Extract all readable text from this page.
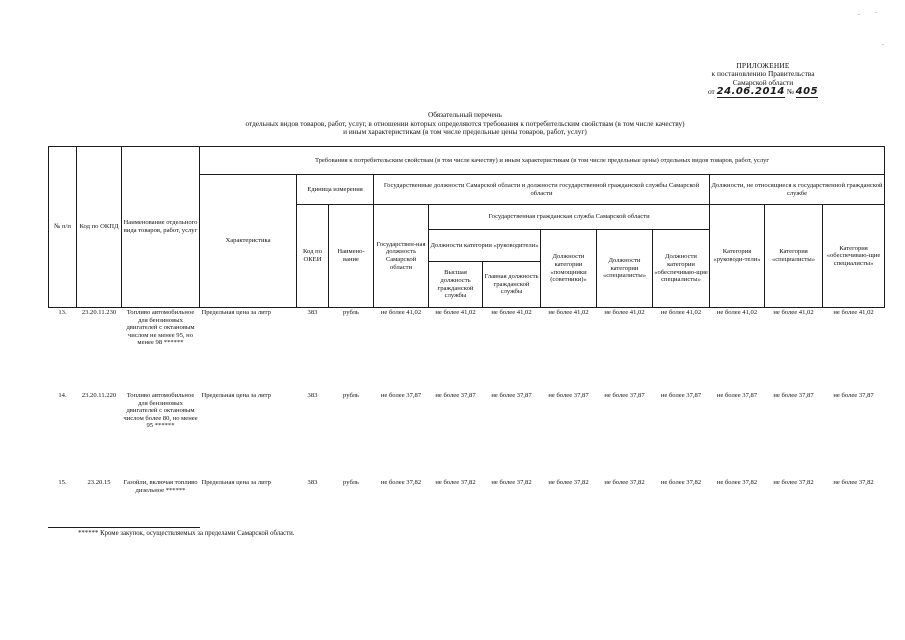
ПРИЛОЖЕНИЕ
к постановлению Правительства
Самарской области
от 24.06.2014 № 405
Обязательный перечень
отдельных видов товаров, работ, услуг, в отношении которых определяются требования к потребительским свойствам (в том числе качеству)
и иным характеристикам (в том числе предельные цены товаров, работ, услуг)
№ п/п	Код по ОКПД	Наименование отдельного вида товаров, работ, услуг	Требования к потребительским свойствам (в том числе качеству) и иным характеристикам (в том числе предельные цены) отдельных видов товаров, работ, услуг											
			Характеристика	Единица измерения		Государственные должности Самарской области и должности государственной гражданской службы Самарской области						Должности, не относящиеся к государственной гражданской службе		
				Код по ОКЕИ	Наимено-вание	Государствен-ная должность Самарской области	Государственная гражданская служба Самарской области					Категория «руководи-тели»	Категория «специалисты»	Категория «обеспечиваю-щие специалисты»
							Должности категории «руководители»		Должности категории «помощники (советники)»	Должности категории «специалисты»	Должности категории «обеспечиваю-щие специалисты»			
							Высшая должность гражданской службы	Главная должность гражданской службы						
13.	23.20.11.230	Топливо автомобильное для бензиновых двигателей с октановым числом не менее 95, но менее 98 ******	Предельная цена за литр	383	рубль	не более 41,02	не более 41,02	не более 41,02	не более 41,02	не более 41,02	не более 41,02	не более 41,02	не более 41,02	не более 41,02
14.	23.20.11.220	Топливо автомобильное для бензиновых двигателей с октановым числом более 80, но менее 95 ******	Предельная цена за литр	383	рубль	не более 37,87	не более 37,87	не более 37,87	не более 37,87	не более 37,87	не более 37,87	не более 37,87	не более 37,87	не более 37,87
15.	23.20.15	Газойли, включая топливо дизельное ******	Предельная цена за литр	383	рубль	не более 37,82	не более 37,82	не более 37,82	не более 37,82	не более 37,82	не более 37,82	не более 37,82	не более 37,82	не более 37,82
****** Кроме закупок, осуществляемых за пределами Самарской области.
·	·
·
